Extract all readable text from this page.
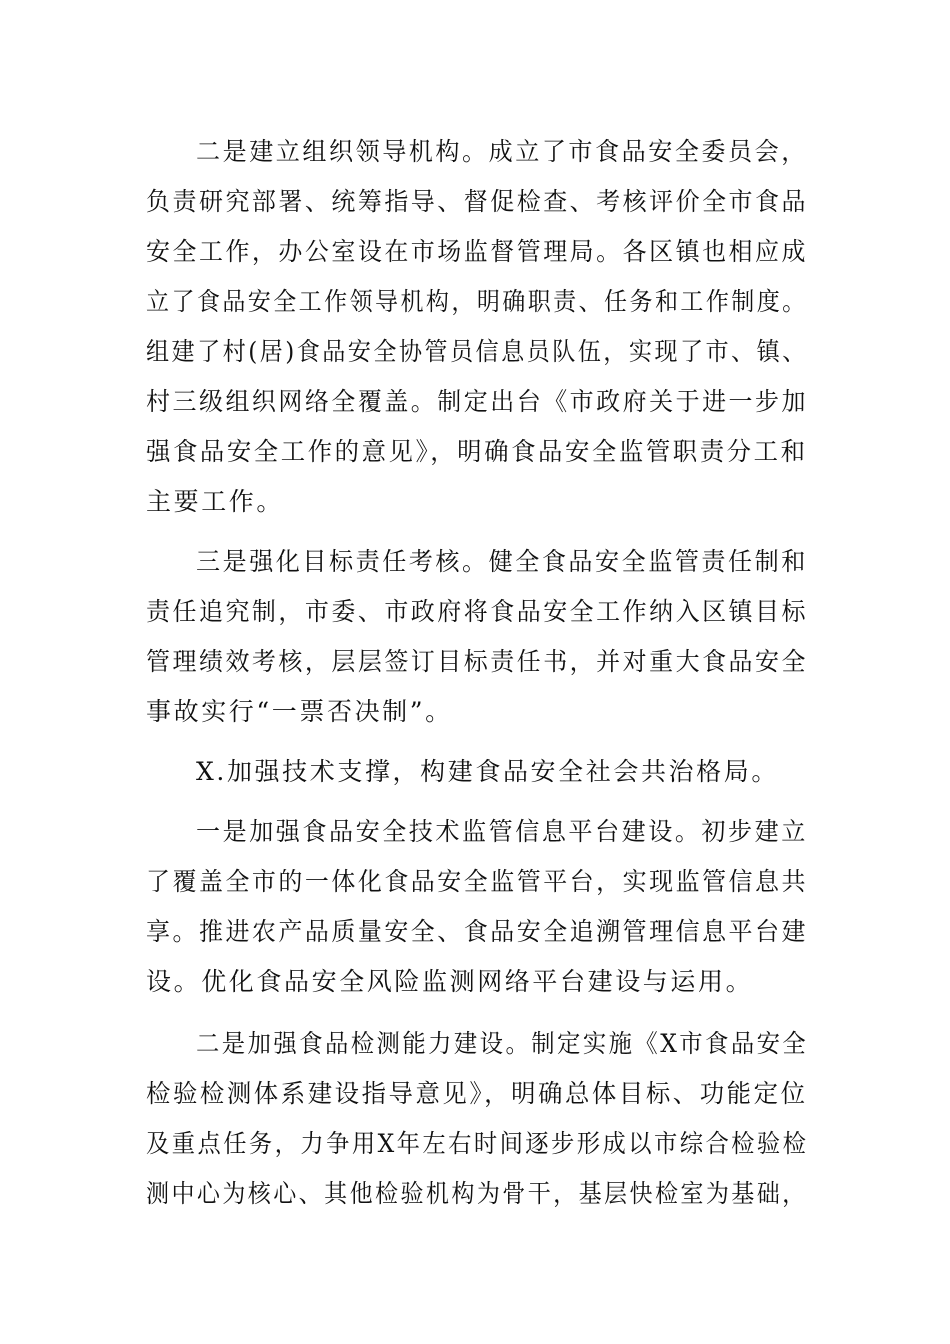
二是建立组织领导机构。成立了市食品安全委员会，
负责研究部署、统筹指导、督促检查、考核评价全市食品
安全工作，办公室设在市场监督管理局。各区镇也相应成
立了食品安全工作领导机构，明确职责、任务和工作制度。
组建了村(居)食品安全协管员信息员队伍，实现了市、镇、
村三级组织网络全覆盖。制定出台《市政府关于进一步加
强食品安全工作的意见》，明确食品安全监管职责分工和
主要工作。
三是强化目标责任考核。健全食品安全监管责任制和
责任追究制，市委、市政府将食品安全工作纳入区镇目标
管理绩效考核，层层签订目标责任书，并对重大食品安全
事故实行“一票否决制”。
X.加强技术支撑，构建食品安全社会共治格局。
一是加强食品安全技术监管信息平台建设。初步建立
了覆盖全市的一体化食品安全监管平台，实现监管信息共
享。推进农产品质量安全、食品安全追溯管理信息平台建
设。优化食品安全风险监测网络平台建设与运用。
二是加强食品检测能力建设。制定实施《X市食品安全
检验检测体系建设指导意见》，明确总体目标、功能定位
及重点任务，力争用X年左右时间逐步形成以市综合检验检
测中心为核心、其他检验机构为骨干，基层快检室为基础，
